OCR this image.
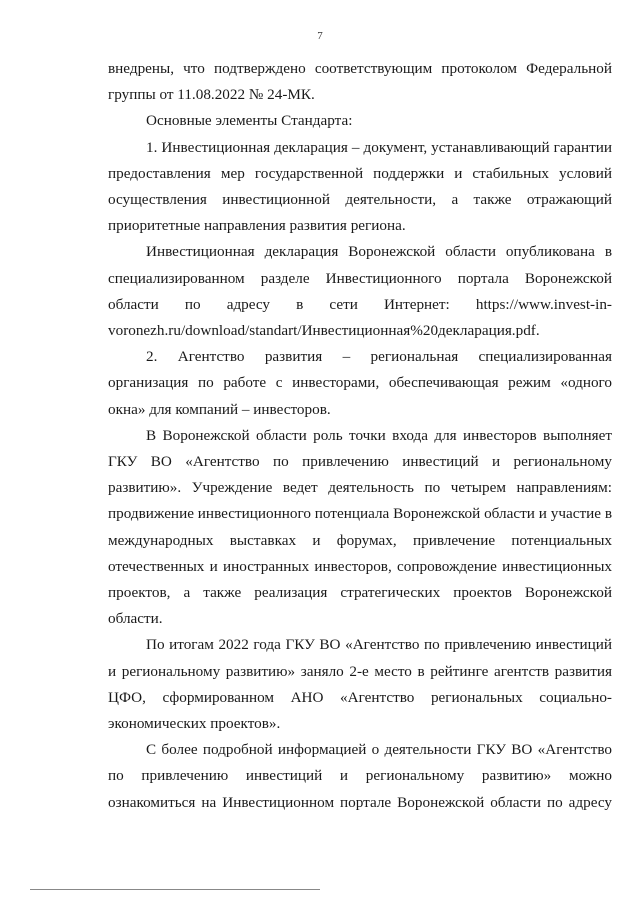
7

внедрены, что подтверждено соответствующим протоколом Федеральной группы от 11.08.2022 № 24-МК.

Основные элементы Стандарта:

1. Инвестиционная декларация – документ, устанавливающий гарантии предоставления мер государственной поддержки и стабильных условий осуществления инвестиционной деятельности, а также отражающий приоритетные направления развития региона.

Инвестиционная декларация Воронежской области опубликована в специализированном разделе Инвестиционного портала Воронежской области по адресу в сети Интернет: https://www.invest-in-voronezh.ru/download/standart/Инвестиционная%20декларация.pdf.

2. Агентство развития – региональная специализированная организация по работе с инвесторами, обеспечивающая режим «одного окна» для компаний – инвесторов.

В Воронежской области роль точки входа для инвесторов выполняет ГКУ ВО «Агентство по привлечению инвестиций и региональному развитию». Учреждение ведет деятельность по четырем направлениям: продвижение инвестиционного потенциала Воронежской области и участие в международных выставках и форумах, привлечение потенциальных отечественных и иностранных инвесторов, сопровождение инвестиционных проектов, а также реализация стратегических проектов Воронежской области.

По итогам 2022 года ГКУ ВО «Агентство по привлечению инвестиций и региональному развитию» заняло 2-е место в рейтинге агентств развития ЦФО, сформированном АНО «Агентство региональных социально-экономических проектов».

С более подробной информацией о деятельности ГКУ ВО «Агентство по привлечению инвестиций и региональному развитию» можно ознакомиться на Инвестиционном портале Воронежской области по адресу
